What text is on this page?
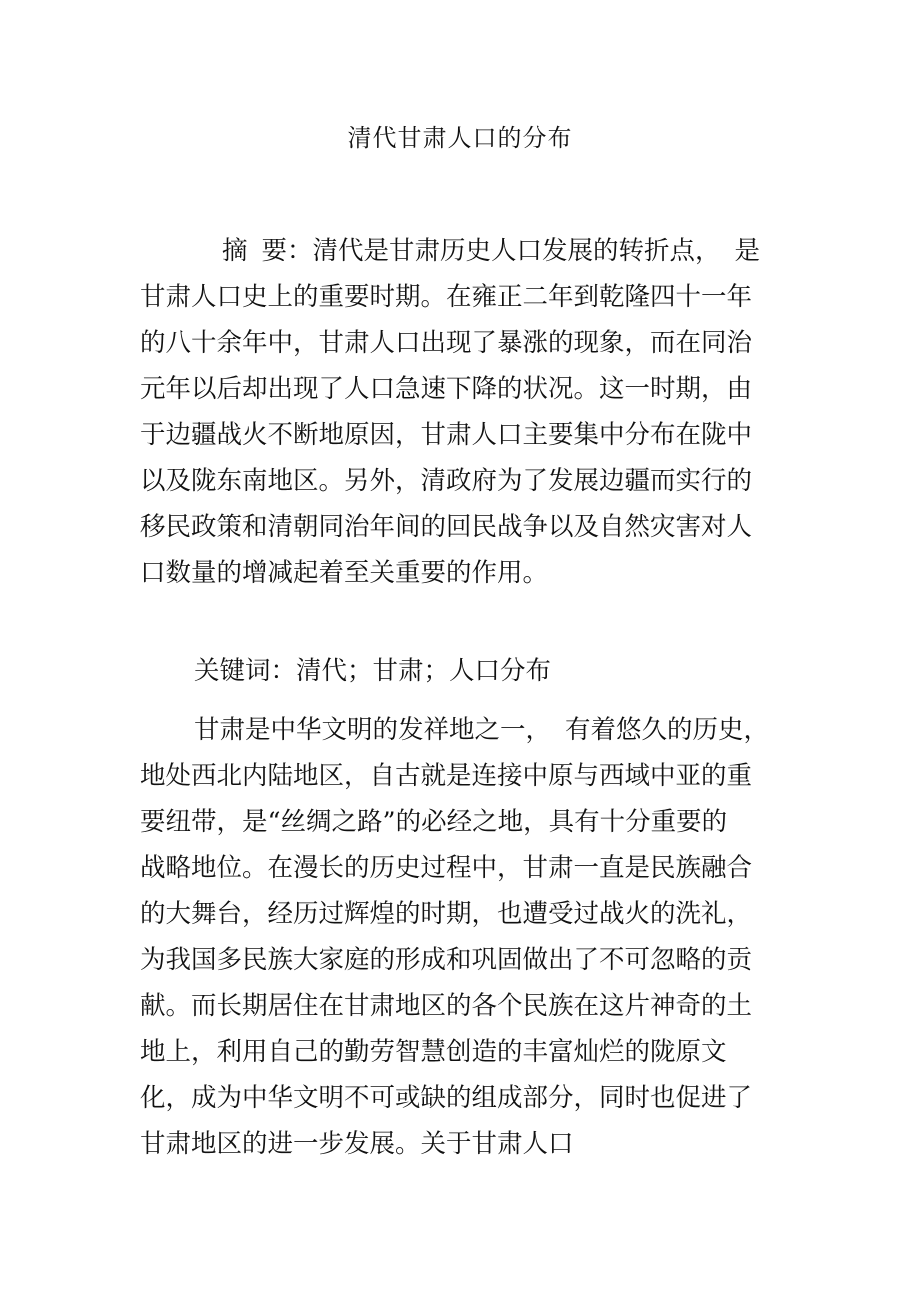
清代甘肃人口的分布
摘 要：清代是甘肃历史人口发展的转折点， 是
甘肃人口史上的重要时期。在雍正二年到乾隆四十一年
的八十余年中，甘肃人口出现了暴涨的现象，而在同治
元年以后却出现了人口急速下降的状况。这一时期，由
于边疆战火不断地原因，甘肃人口主要集中分布在陇中
以及陇东南地区。另外，清政府为了发展边疆而实行的
移民政策和清朝同治年间的回民战争以及自然灾害对人
口数量的增减起着至关重要的作用。
关键词：清代；甘肃；人口分布
甘肃是中华文明的发祥地之一， 有着悠久的历史，
地处西北内陆地区，自古就是连接中原与西域中亚的重
要纽带，是“丝绸之路”的必经之地，具有十分重要的
战略地位。在漫长的历史过程中，甘肃一直是民族融合
的大舞台，经历过辉煌的时期，也遭受过战火的洗礼，
为我国多民族大家庭的形成和巩固做出了不可忽略的贡
献。而长期居住在甘肃地区的各个民族在这片神奇的土
地上，利用自己的勤劳智慧创造的丰富灿烂的陇原文
化，成为中华文明不可或缺的组成部分，同时也促进了
甘肃地区的进一步发展。关于甘肃人口
